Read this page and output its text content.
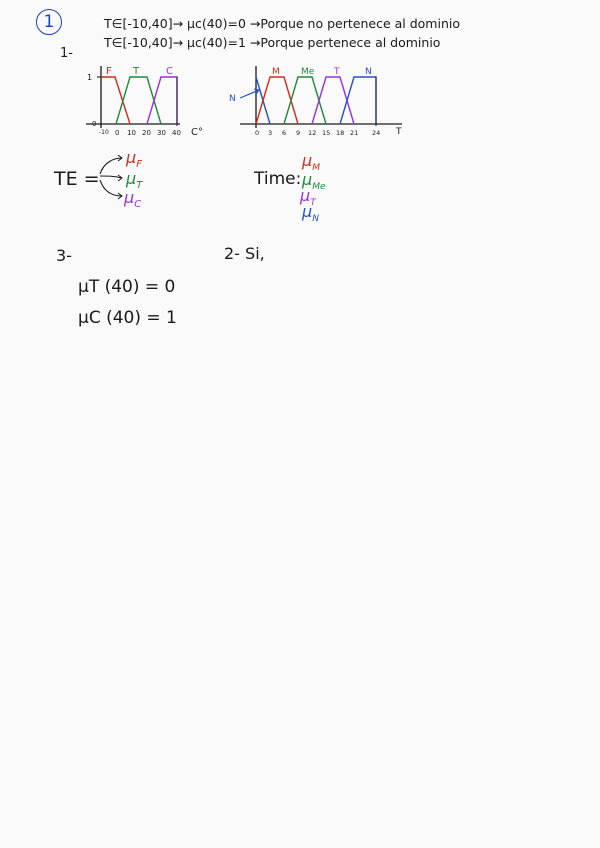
1	T∈[-10,40]→ μc(40)=0 →Porque no pertenece al dominio
T∈[-10,40]→ μc(40)=1 →Porque pertenece al dominio
1-
1
0
F T	C
-10 0 10 20 30 40 C°
N
M Me T	N
0 3 6 9 12 15 18 21 24 T
TE =
$\mu_F$
$\mu_T$
$\mu_C$
Time:
$\mu_M$
$\mu_{Me}$
$\mu_T$
$\mu_N$
3-	2- Si,
μT (40) = 0
μC (40) = 1
